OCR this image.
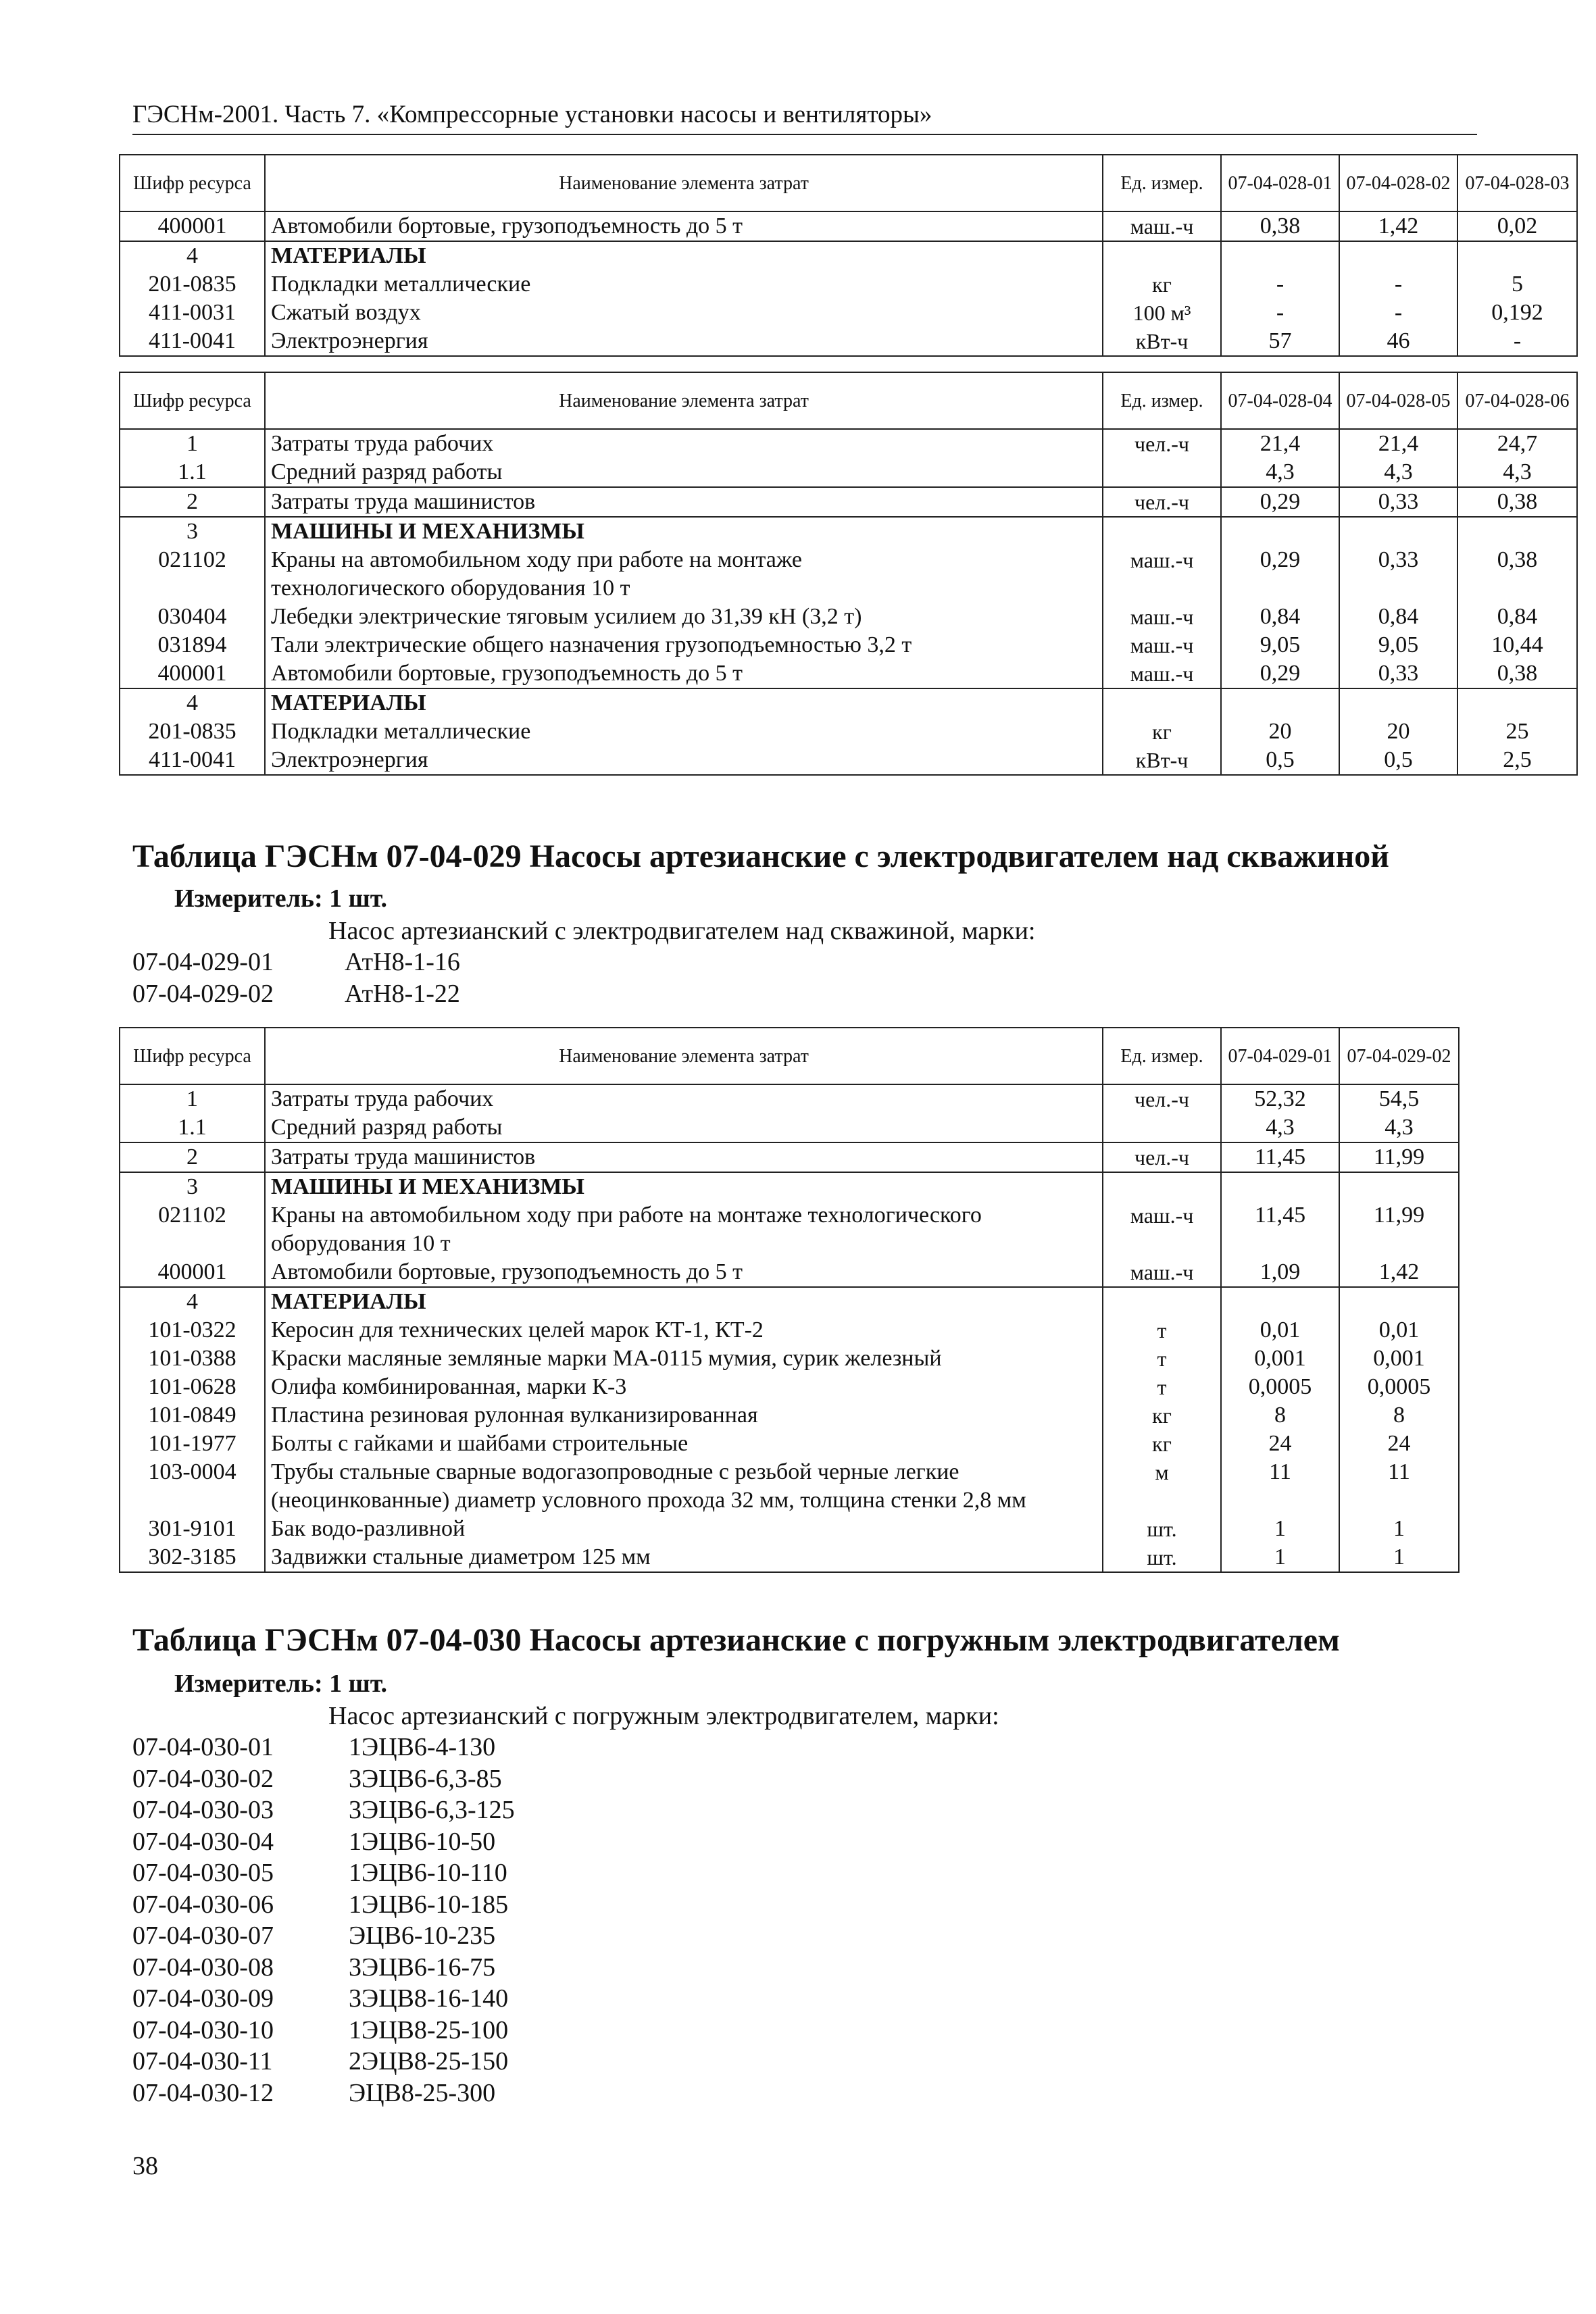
ГЭСНм-2001. Часть 7. «Компрессорные установки насосы и вентиляторы»
Шифр ресурса	Наименование элемента затрат	Ед. измер.	07-04-028-01	07-04-028-02	07-04-028-03
400001	Автомобили бортовые, грузоподъемность до 5 т	маш.-ч	0,38	1,42	0,02
4	МАТЕРИАЛЫ				
201-0835	Подкладки металлические	кг	-	-	5
411-0031	Сжатый воздух	100 м³	-	-	0,192
411-0041	Электроэнергия	кВт-ч	57	46	-
Шифр ресурса	Наименование элемента затрат	Ед. измер.	07-04-028-04	07-04-028-05	07-04-028-06
1	Затраты труда рабочих	чел.-ч	21,4	21,4	24,7
1.1	Средний разряд работы		4,3	4,3	4,3
2	Затраты труда машинистов	чел.-ч	0,29	0,33	0,38
3	МАШИНЫ И МЕХАНИЗМЫ				
021102	Краны на автомобильном ходу при работе на монтаже	маш.-ч	0,29	0,33	0,38
	технологического оборудования 10 т				
030404	Лебедки электрические тяговым усилием до 31,39 кН (3,2 т)	маш.-ч	0,84	0,84	0,84
031894	Тали электрические общего назначения грузоподъемностью 3,2 т	маш.-ч	9,05	9,05	10,44
400001	Автомобили бортовые, грузоподъемность до 5 т	маш.-ч	0,29	0,33	0,38
4	МАТЕРИАЛЫ				
201-0835	Подкладки металлические	кг	20	20	25
411-0041	Электроэнергия	кВт-ч	0,5	0,5	2,5
Таблица ГЭСНм 07-04-029 Насосы артезианские с электродвигателем над скважиной
Измеритель: 1 шт.
Насос артезианский с электродвигателем над скважиной, марки:
07-04-029-01	АтН8-1-16
07-04-029-02	АтН8-1-22
Шифр ресурса	Наименование элемента затрат	Ед. измер.	07-04-029-01	07-04-029-02
1	Затраты труда рабочих	чел.-ч	52,32	54,5
1.1	Средний разряд работы		4,3	4,3
2	Затраты труда машинистов	чел.-ч	11,45	11,99
3	МАШИНЫ И МЕХАНИЗМЫ			
021102	Краны на автомобильном ходу при работе на монтаже технологического	маш.-ч	11,45	11,99
	оборудования 10 т			
400001	Автомобили бортовые, грузоподъемность до 5 т	маш.-ч	1,09	1,42
4	МАТЕРИАЛЫ			
101-0322	Керосин для технических целей марок КТ-1, КТ-2	т	0,01	0,01
101-0388	Краски масляные земляные марки МА-0115 мумия, сурик железный	т	0,001	0,001
101-0628	Олифа комбинированная, марки К-3	т	0,0005	0,0005
101-0849	Пластина резиновая рулонная вулканизированная	кг	8	8
101-1977	Болты с гайками и шайбами строительные	кг	24	24
103-0004	Трубы стальные сварные водогазопроводные с резьбой черные легкие	м	11	11
	(неоцинкованные) диаметр условного прохода 32 мм, толщина стенки 2,8 мм			
301-9101	Бак водо-разливной	шт.	1	1
302-3185	Задвижки стальные диаметром 125 мм	шт.	1	1
Таблица ГЭСНм 07-04-030 Насосы артезианские с погружным электродвигателем
Измеритель: 1 шт.
Насос артезианский с погружным электродвигателем, марки:
07-04-030-01	1ЭЦВ6-4-130
07-04-030-02	3ЭЦВ6-6,3-85
07-04-030-03	3ЭЦВ6-6,3-125
07-04-030-04	1ЭЦВ6-10-50
07-04-030-05	1ЭЦВ6-10-110
07-04-030-06	1ЭЦВ6-10-185
07-04-030-07	ЭЦВ6-10-235
07-04-030-08	3ЭЦВ6-16-75
07-04-030-09	3ЭЦВ8-16-140
07-04-030-10	1ЭЦВ8-25-100
07-04-030-11	2ЭЦВ8-25-150
07-04-030-12	ЭЦВ8-25-300
38
